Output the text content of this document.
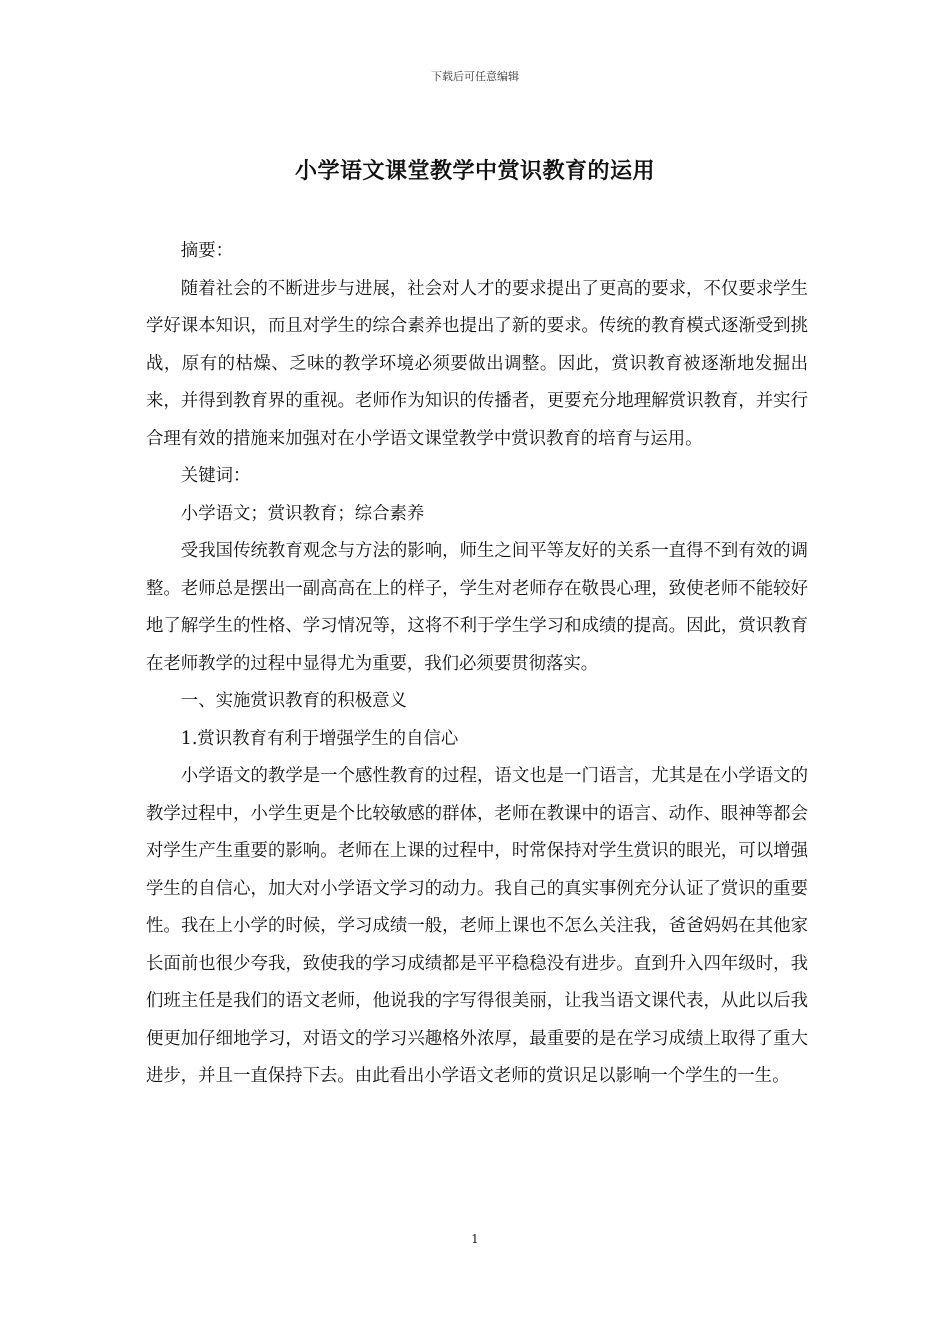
下载后可任意编辑
小学语文课堂教学中赏识教育的运用

摘要：

随着社会的不断进步与进展，社会对人才的要求提出了更高的要求，不仅要求学生学好课本知识，而且对学生的综合素养也提出了新的要求。传统的教育模式逐渐受到挑战，原有的枯燥、乏味的教学环境必须要做出调整。因此，赏识教育被逐渐地发掘出来，并得到教育界的重视。老师作为知识的传播者，更要充分地理解赏识教育，并实行合理有效的措施来加强对在小学语文课堂教学中赏识教育的培育与运用。

关键词：

小学语文；赏识教育；综合素养

受我国传统教育观念与方法的影响，师生之间平等友好的关系一直得不到有效的调整。老师总是摆出一副高高在上的样子，学生对老师存在敬畏心理，致使老师不能较好地了解学生的性格、学习情况等，这将不利于学生学习和成绩的提高。因此，赏识教育在老师教学的过程中显得尤为重要，我们必须要贯彻落实。

一、实施赏识教育的积极意义

1.赏识教育有利于增强学生的自信心

小学语文的教学是一个感性教育的过程，语文也是一门语言，尤其是在小学语文的教学过程中，小学生更是个比较敏感的群体，老师在教课中的语言、动作、眼神等都会对学生产生重要的影响。老师在上课的过程中，时常保持对学生赏识的眼光，可以增强学生的自信心，加大对小学语文学习的动力。我自己的真实事例充分认证了赏识的重要性。我在上小学的时候，学习成绩一般，老师上课也不怎么关注我，爸爸妈妈在其他家长面前也很少夸我，致使我的学习成绩都是平平稳稳没有进步。直到升入四年级时，我们班主任是我们的语文老师，他说我的字写得很美丽，让我当语文课代表，从此以后我便更加仔细地学习，对语文的学习兴趣格外浓厚，最重要的是在学习成绩上取得了重大进步，并且一直保持下去。由此看出小学语文老师的赏识足以影响一个学生的一生。

1
